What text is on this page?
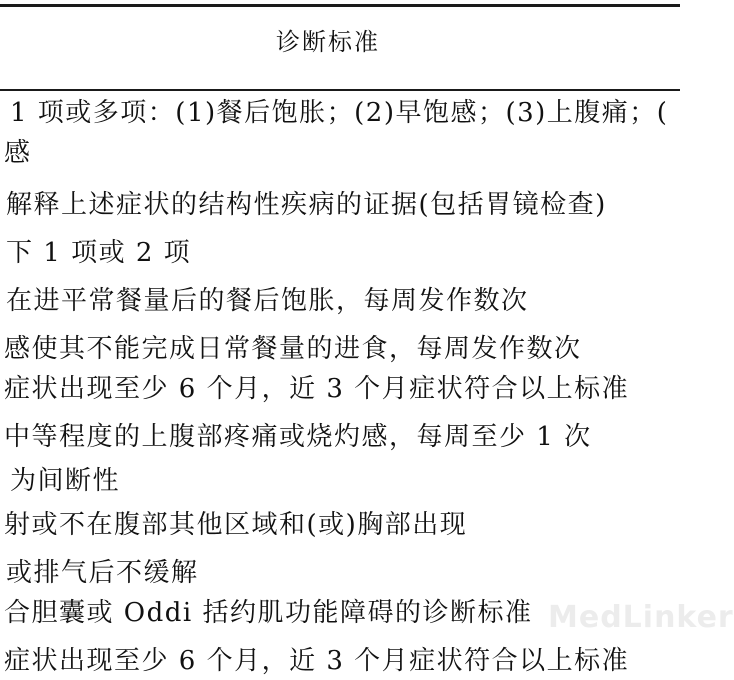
诊断标准
1 项或多项：(1)餐后饱胀；(2)早饱感；(3)上腹痛；(
感
解释上述症状的结构性疾病的证据(包括胃镜检查)
下 1 项或 2 项
在进平常餐量后的餐后饱胀，每周发作数次
感使其不能完成日常餐量的进食，每周发作数次
症状出现至少 6 个月，近 3 个月症状符合以上标准
中等程度的上腹部疼痛或烧灼感，每周至少 1 次
为间断性
射或不在腹部其他区域和(或)胸部出现
或排气后不缓解
合胆囊或 Oddi 括约肌功能障碍的诊断标准
症状出现至少 6 个月，近 3 个月症状符合以上标准
MedLinker
